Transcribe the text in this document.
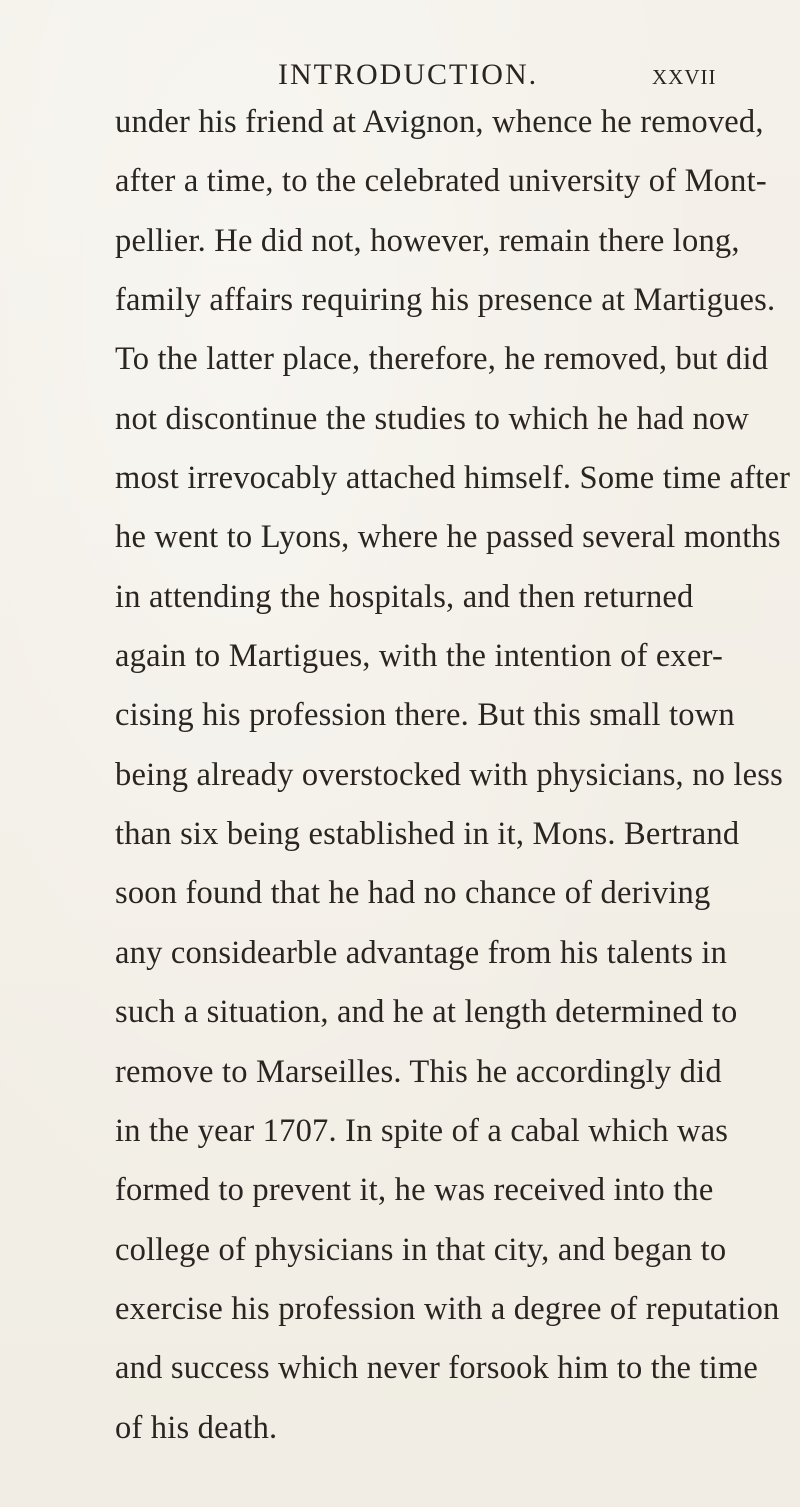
INTRODUCTION.	xxvii
under his friend at Avignon, whence he removed,
after a time, to the celebrated university of Mont-
pellier. He did not, however, remain there long,
family affairs requiring his presence at Martigues.
To the latter place, therefore, he removed, but did
not discontinue the studies to which he had now
most irrevocably attached himself. Some time after
he went to Lyons, where he passed several months
in attending the hospitals, and then returned
again to Martigues, with the intention of exer-
cising his profession there. But this small town
being already overstocked with physicians, no less
than six being established in it, Mons. Bertrand
soon found that he had no chance of deriving
any considearble advantage from his talents in
such a situation, and he at length determined to
remove to Marseilles. This he accordingly did
in the year 1707. In spite of a cabal which was
formed to prevent it, he was received into the
college of physicians in that city, and began to
exercise his profession with a degree of reputation
and success which never forsook him to the time
of his death.
